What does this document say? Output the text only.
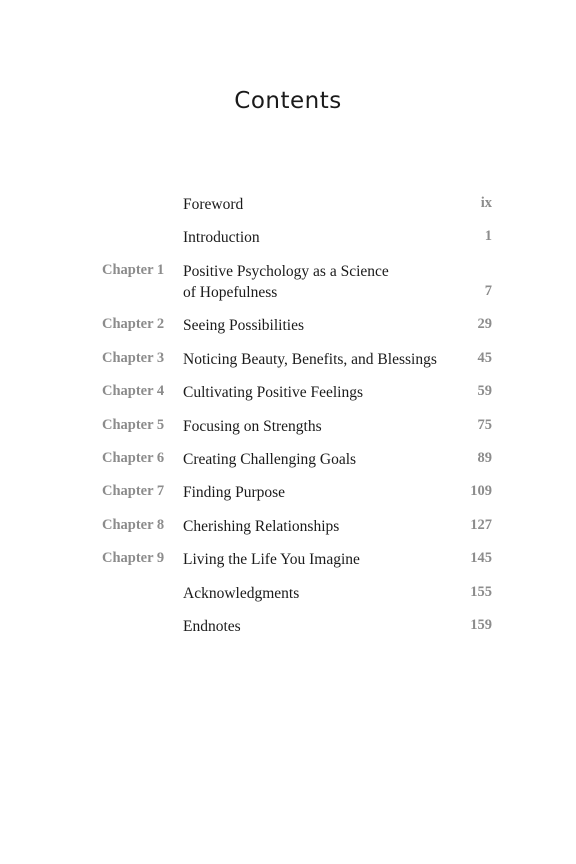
Contents
Foreword	ix
Introduction	1
Chapter 1 Positive Psychology as a Science
of Hopefulness	7
Chapter 2 Seeing Possibilities	29
Chapter 3 Noticing Beauty, Benefits, and Blessings	45
Chapter 4 Cultivating Positive Feelings	59
Chapter 5 Focusing on Strengths	75
Chapter 6 Creating Challenging Goals	89
Chapter 7 Finding Purpose	109
Chapter 8 Cherishing Relationships	127
Chapter 9 Living the Life You Imagine	145
Acknowledgments	155
Endnotes	159
